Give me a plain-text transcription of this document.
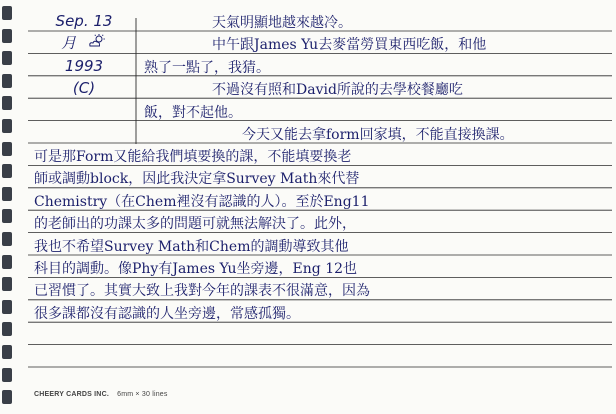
Sep. 13
月
1993
(C)
天氣明顯地越來越冷。
中午跟James Yu去麥當勞買東西吃飯，和他
熟了一點了，我猜。
不過沒有照和David所說的去學校餐廳吃
飯，對不起他。
今天又能去拿form回家填，不能直接換課。
可是那Form又能給我們填要換的課，不能填要換老
師或調動block，因此我決定拿Survey Math來代替
Chemistry（在Chem裡沒有認識的人）。至於Eng11
的老師出的功課太多的問題可就無法解決了。此外，
我也不希望Survey Math和Chem的調動導致其他
科目的調動。像Phy有James Yu坐旁邊，Eng 12也
已習慣了。其實大致上我對今年的課表不很滿意，因為
很多課都沒有認識的人坐旁邊，常感孤獨。
CHEERY CARDS INC. 6mm × 30 lines
